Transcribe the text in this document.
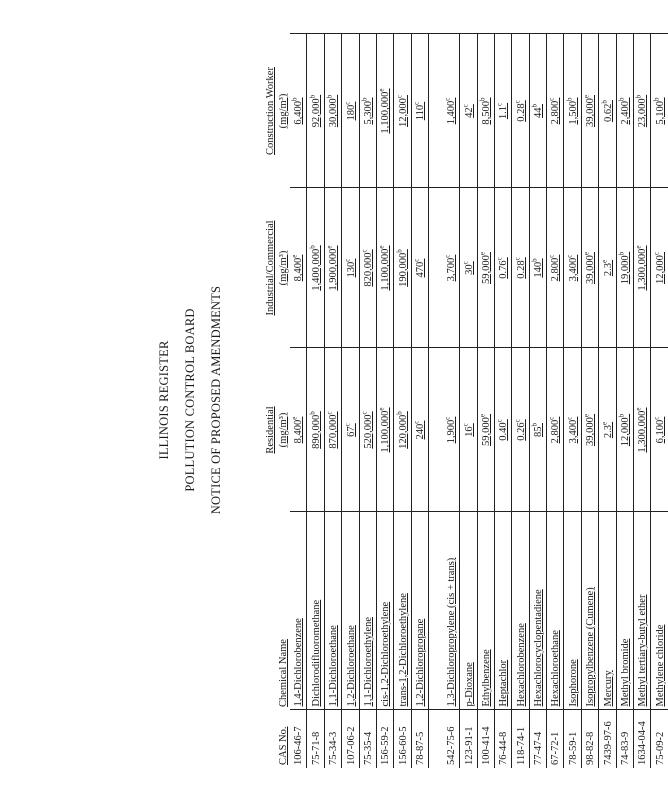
ILLINOIS REGISTER POLLUTION CONTROL BOARD NOTICE OF PROPOSED AMENDMENTS
CAS No.	Chemical Name	Residential (mg/m³)	Industrial/Commercial (mg/m³)	Construction Worker (mg/m³)
106-46-7	1,4-Dichlorobenzene	8,400e	8,400e	6,400$^b$
75-71-8	Dichlorodifluoromethane	890,000$^b$	1,400,000$^b$	92,000$^b$
75-34-3	1,1-Dichloroethane	870,000$^c$	1,900,000e	30,000$^b$
107-06-2	1,2-Dichloroethane	67$^c$	130$^c$	180$^c$
75-35-4	1,1-Dichloroethylene	520,000$^c$	820,000$^c$	5,300$^b$
156-59-2	cis-1,2-Dichloroethylene	1,100,000e	1,100,000e	1,100,000e
156-60-5	trans-1,2-Dichloroethylene	120,000$^b$	190,000$^b$	12,000$^c$
78-87-5	1,2-Dichloropropane	240$^c$	470$^c$	110$^c$
542-75-6	1,3-Dichloropropylene (cis + trans)	1,900$^c$	3,700$^c$	1,400$^c$
123-91-1	p-Dioxane	16$^c$	30$^c$	42$^c$
100-41-4	Ethylbenzene	59,000e	59,000e	8,500$^b$
76-44-8	Heptachlor	0.40$^c$	0.76$^c$	1.1$^c$
118-74-1	Hexachlorobenzene	0.26$^c$	0.28$^c$	0.28$^c$
77-47-4	Hexachlorocyclopentadiene	85$^b$	140$^b$	44$^b$
67-72-1	Hexachloroethane	2,800$^c$	2,800$^c$	2,800$^c$
78-59-1	Isophorone	3,400$^c$	3,400$^c$	1,500$^b$
98-82-8	Isopropylbenzene (Cumene)	39,000e	39,000e	39,000e
7439-97-6	Mercury	2.3e	2.3e	0.62$^b$
74-83-9	Methyl bromide	12,000$^b$	19,000$^b$	2,400$^b$
1634-04-4	Methyl tertiary-butyl ether	1,300,000e	1,300,000e	23,000$^b$
75-09-2	Methylene chloride	6,100$^c$	12,000$^c$	5,100$^b$
